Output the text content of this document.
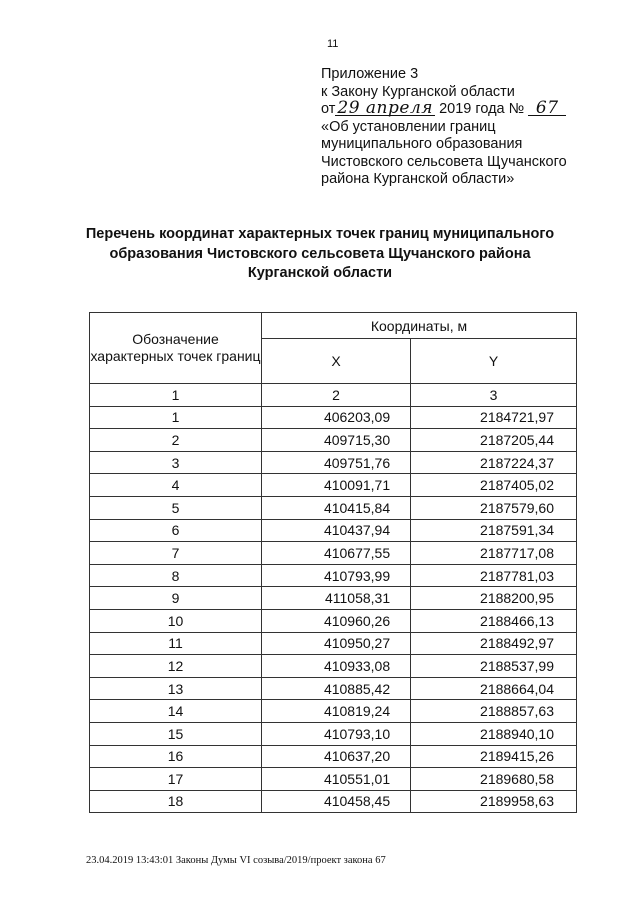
11
Приложение 3
к Закону Курганской области
от 29 апреля 2019 года № 67
«Об установлении границ
муниципального образования
Чистовского сельсовета Щучанского
района Курганской области»
Перечень координат характерных точек границ муниципального
образования Чистовского сельсовета Щучанского района
Курганской области
Обозначение характерных точек границ	Координаты, м	
	X	Y
1	2	3
1	406203,09	2184721,97
2	409715,30	2187205,44
3	409751,76	2187224,37
4	410091,71	2187405,02
5	410415,84	2187579,60
6	410437,94	2187591,34
7	410677,55	2187717,08
8	410793,99	2187781,03
9	411058,31	2188200,95
10	410960,26	2188466,13
11	410950,27	2188492,97
12	410933,08	2188537,99
13	410885,42	2188664,04
14	410819,24	2188857,63
15	410793,10	2188940,10
16	410637,20	2189415,26
17	410551,01	2189680,58
18	410458,45	2189958,63
23.04.2019 13:43:01 Законы Думы VI созыва/2019/проект закона 67
